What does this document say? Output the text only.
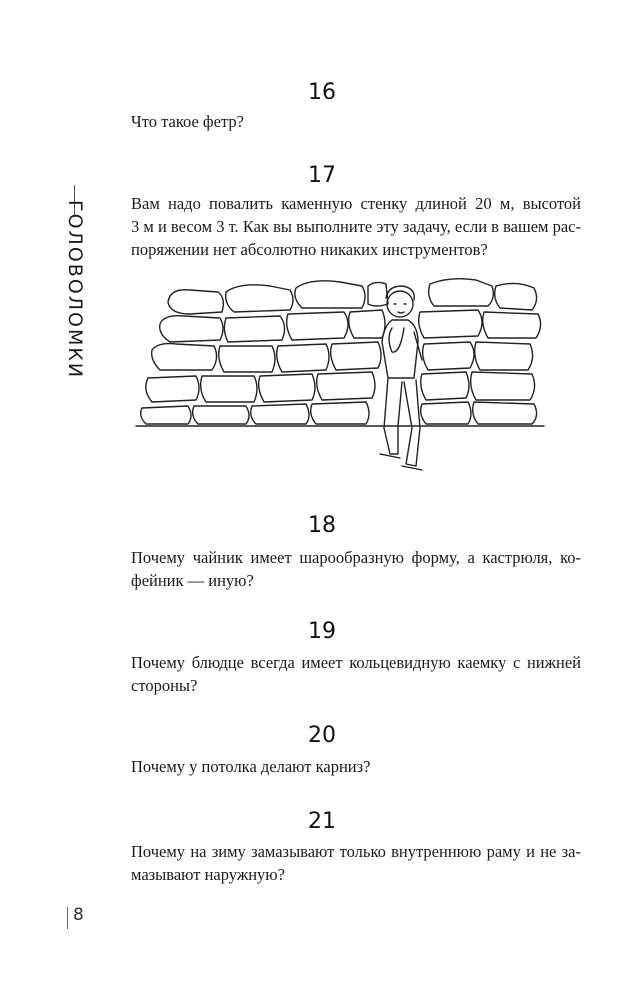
ГОЛОВОЛОМКИ
16
Что такое фетр?
17
Вам надо повалить каменную стенку длиной 20 м, высотой
3 м и весом 3 т. Как вы выполните эту задачу, если в вашем рас-
поряжении нет абсолютно никаких инструментов?
18
Почему чайник имеет шарообразную форму, а кастрюля, ко-
фейник — иную?
19
Почему блюдце всегда имеет кольцевидную каемку с нижней
стороны?
20
Почему у потолка делают карниз?
21
Почему на зиму замазывают только внутреннюю раму и не за-
мазывают наружную?
8
